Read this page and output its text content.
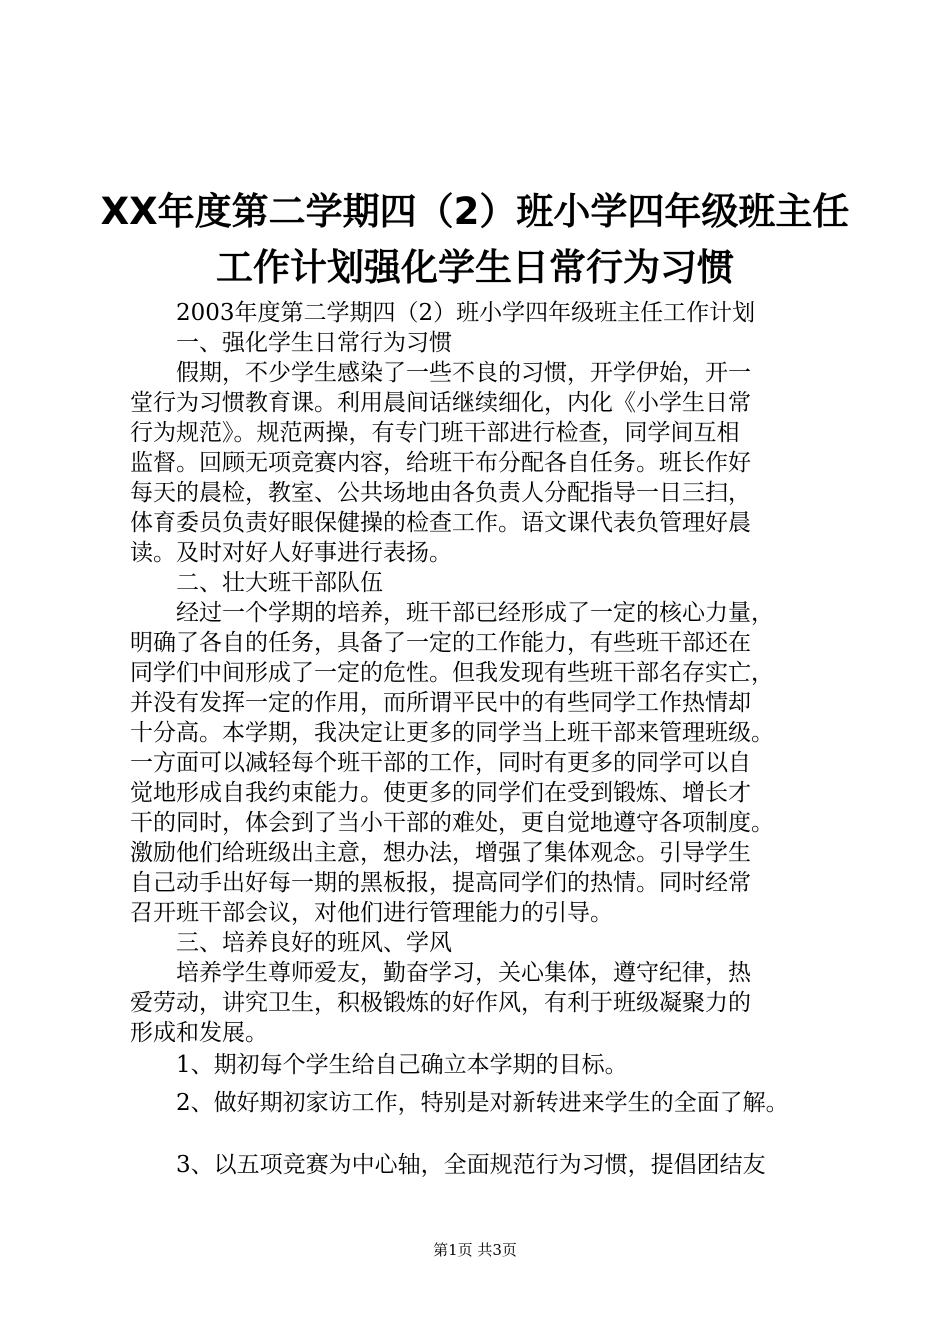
XX年度第二学期四（2）班小学四年级班主任
工作计划强化学生日常行为习惯
　　2003年度第二学期四（2）班小学四年级班主任工作计划
　　一、强化学生日常行为习惯
　　假期，不少学生感染了一些不良的习惯，开学伊始，开一
堂行为习惯教育课。利用晨间话继续细化，内化《小学生日常
行为规范》。规范两操，有专门班干部进行检查，同学间互相
监督。回顾无项竞赛内容，给班干布分配各自任务。班长作好
每天的晨检，教室、公共场地由各负责人分配指导一日三扫，
体育委员负责好眼保健操的检查工作。语文课代表负管理好晨
读。及时对好人好事进行表扬。
　　二、壮大班干部队伍
　　经过一个学期的培养，班干部已经形成了一定的核心力量，
明确了各自的任务，具备了一定的工作能力，有些班干部还在
同学们中间形成了一定的危性。但我发现有些班干部名存实亡，
并没有发挥一定的作用，而所谓平民中的有些同学工作热情却
十分高。本学期，我决定让更多的同学当上班干部来管理班级。
一方面可以减轻每个班干部的工作，同时有更多的同学可以自
觉地形成自我约束能力。使更多的同学们在受到锻炼、增长才
干的同时，体会到了当小干部的难处，更自觉地遵守各项制度。
激励他们给班级出主意，想办法，增强了集体观念。引导学生
自己动手出好每一期的黑板报，提高同学们的热情。同时经常
召开班干部会议，对他们进行管理能力的引导。
　　三、培养良好的班风、学风
　　培养学生尊师爱友，勤奋学习，关心集体，遵守纪律，热
爱劳动，讲究卫生，积极锻炼的好作风，有利于班级凝聚力的
形成和发展。
　　1、期初每个学生给自己确立本学期的目标。
　　2、做好期初家访工作，特别是对新转进来学生的全面了解。
　　3、以五项竞赛为中心轴，全面规范行为习惯，提倡团结友
第1页 共3页
